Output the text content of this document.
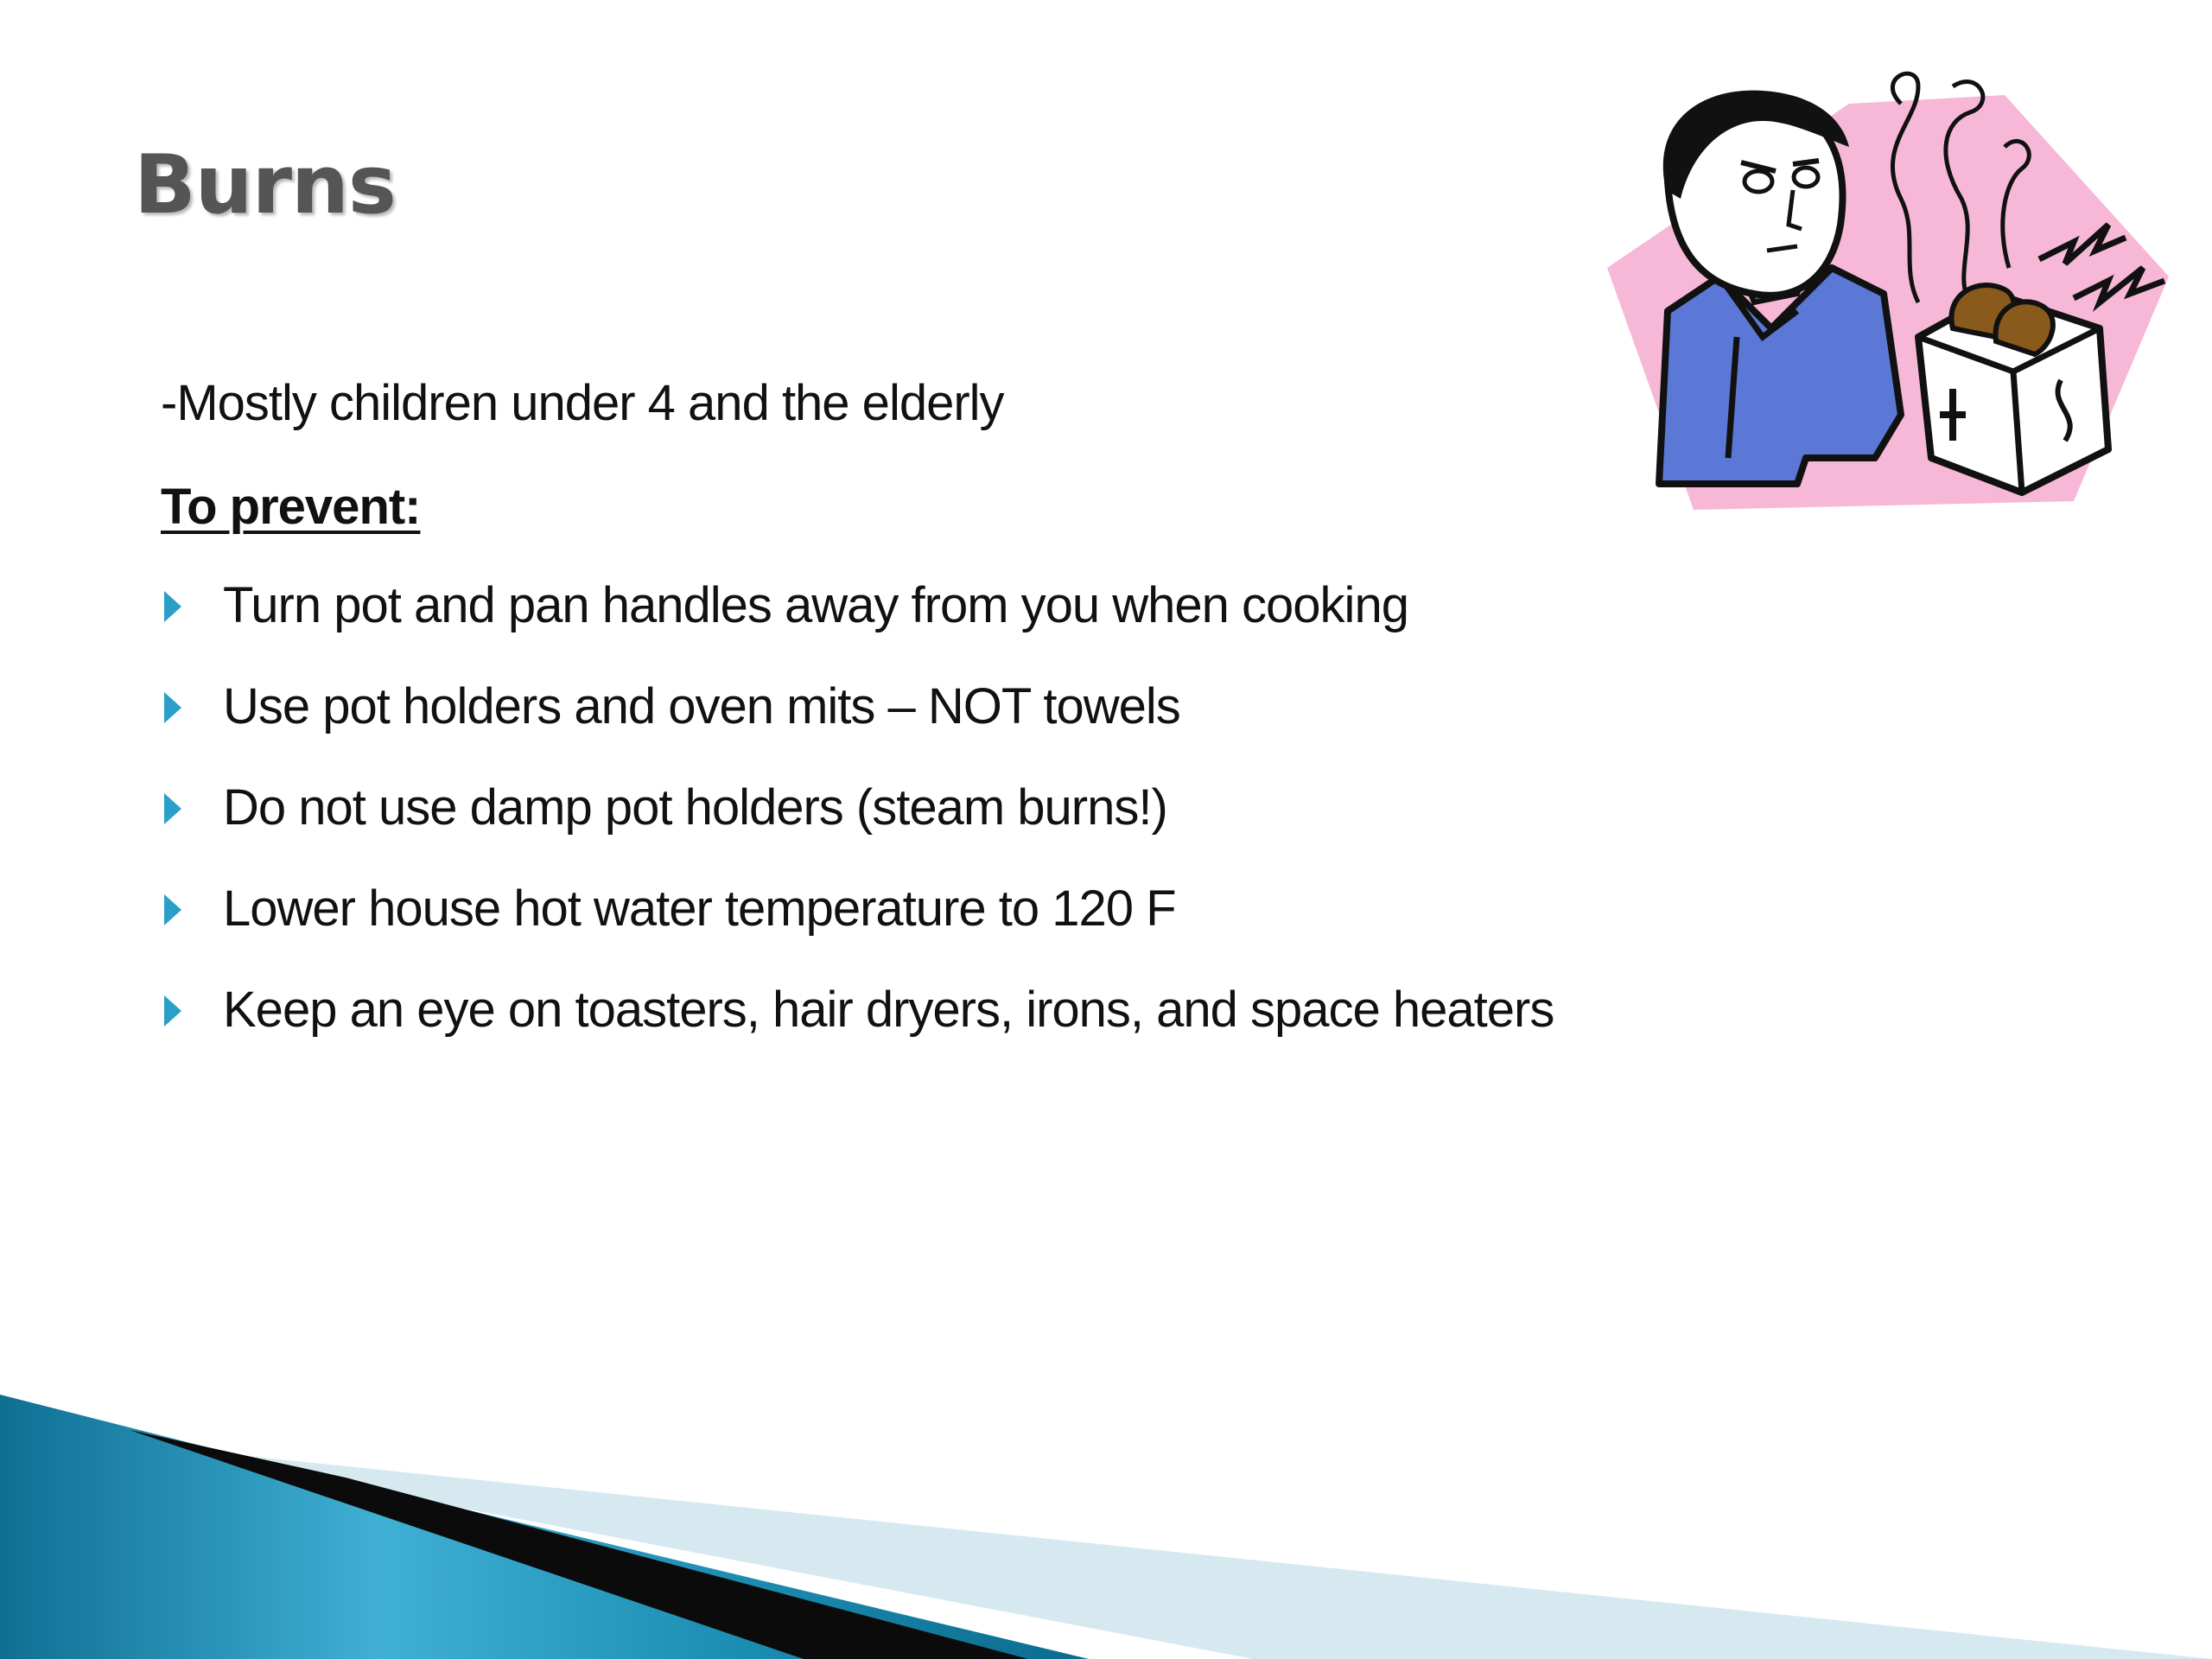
Burns
-Mostly children under 4 and the elderly
To prevent:
Turn pot and pan handles away from you when cooking
Use pot holders and oven mits – NOT towels
Do not use damp pot holders (steam burns!)
Lower house hot water temperature to 120 F
Keep an eye on toasters, hair dryers, irons, and space heaters
